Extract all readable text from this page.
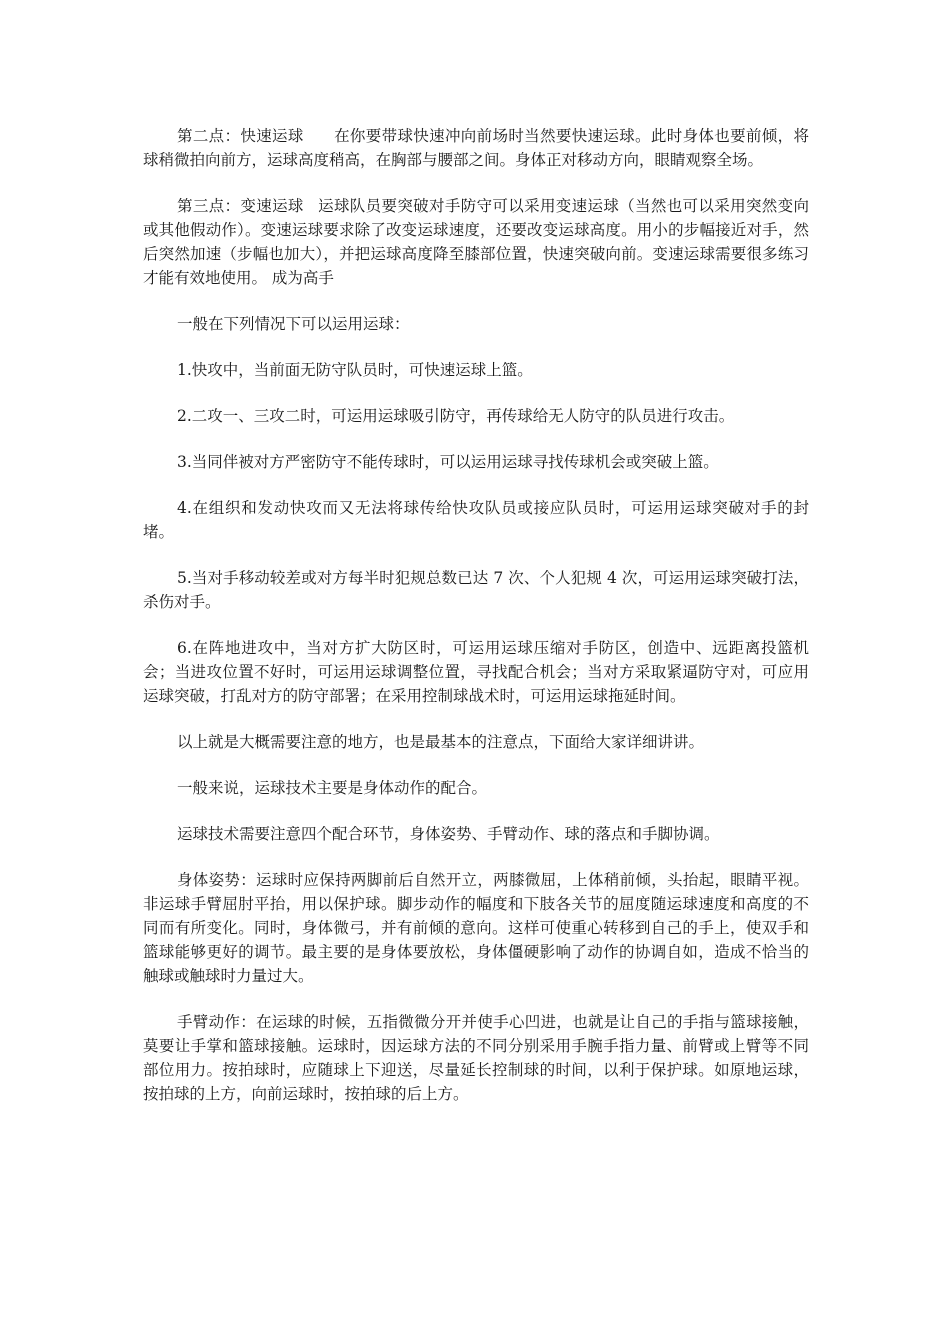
第二点：快速运球 在你要带球快速冲向前场时当然要快速运球。此时身体也要前倾，将球稍微拍向前方，运球高度稍高，在胸部与腰部之间。身体正对移动方向，眼睛观察全场。

第三点：变速运球 运球队员要突破对手防守可以采用变速运球（当然也可以采用突然变向或其他假动作）。变速运球要求除了改变运球速度，还要改变运球高度。用小的步幅接近对手，然后突然加速（步幅也加大），并把运球高度降至膝部位置，快速突破向前。变速运球需要很多练习才能有效地使用。 成为高手

一般在下列情况下可以运用运球：

1.快攻中，当前面无防守队员时，可快速运球上篮。

2.二攻一、三攻二时，可运用运球吸引防守，再传球给无人防守的队员进行攻击。

3.当同伴被对方严密防守不能传球时，可以运用运球寻找传球机会或突破上篮。

4.在组织和发动快攻而又无法将球传给快攻队员或接应队员时，可运用运球突破对手的封堵。

5.当对手移动较差或对方每半时犯规总数已达 7 次、个人犯规 4 次，可运用运球突破打法，杀伤对手。

6.在阵地进攻中，当对方扩大防区时，可运用运球压缩对手防区，创造中、远距离投篮机会；当进攻位置不好时，可运用运球调整位置，寻找配合机会；当对方采取紧逼防守对，可应用运球突破，打乱对方的防守部署；在采用控制球战术时，可运用运球拖延时间。

以上就是大概需要注意的地方，也是最基本的注意点，下面给大家详细讲讲。

一般来说，运球技术主要是身体动作的配合。

运球技术需要注意四个配合环节，身体姿势、手臂动作、球的落点和手脚协调。

身体姿势：运球时应保持两脚前后自然开立，两膝微屈，上体稍前倾，头抬起，眼睛平视。非运球手臂屈肘平抬，用以保护球。脚步动作的幅度和下肢各关节的屈度随运球速度和高度的不同而有所变化。同时，身体微弓，并有前倾的意向。这样可使重心转移到自己的手上，使双手和篮球能够更好的调节。最主要的是身体要放松，身体僵硬影响了动作的协调自如，造成不恰当的触球或触球时力量过大。

手臂动作：在运球的时候，五指微微分开并使手心凹进，也就是让自己的手指与篮球接触，莫要让手掌和篮球接触。运球时，因运球方法的不同分别采用手腕手指力量、前臂或上臂等不同部位用力。按拍球时，应随球上下迎送，尽量延长控制球的时间，以利于保护球。如原地运球，按拍球的上方，向前运球时，按拍球的后上方。
